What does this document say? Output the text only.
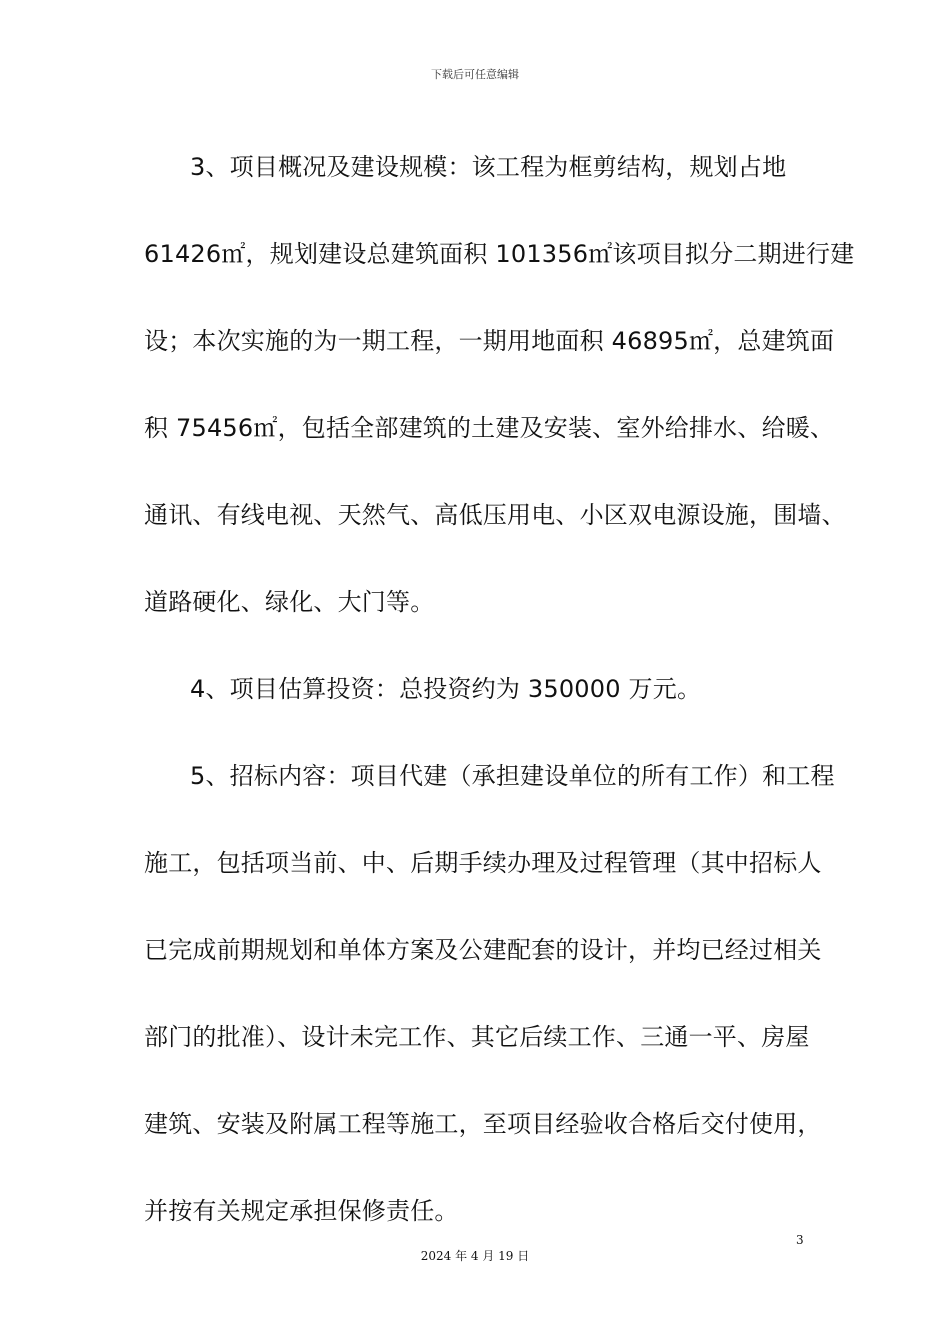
下载后可任意编辑
3、项目概况及建设规模：该工程为框剪结构，规划占地
61426㎡，规划建设总建筑面积 101356㎡该项目拟分二期进行建
设；本次实施的为一期工程，一期用地面积 46895㎡，总建筑面
积 75456㎡，包括全部建筑的土建及安装、室外给排水、给暖、
通讯、有线电视、天然气、高低压用电、小区双电源设施，围墙、
道路硬化、绿化、大门等。
4、项目估算投资：总投资约为 350000 万元。
5、招标内容：项目代建（承担建设单位的所有工作）和工程
施工，包括项当前、中、后期手续办理及过程管理（其中招标人
已完成前期规划和单体方案及公建配套的设计，并均已经过相关
部门的批准）、设计未完工作、其它后续工作、三通一平、房屋
建筑、安装及附属工程等施工，至项目经验收合格后交付使用，
并按有关规定承担保修责任。
3
2024 年 4 月 19 日
